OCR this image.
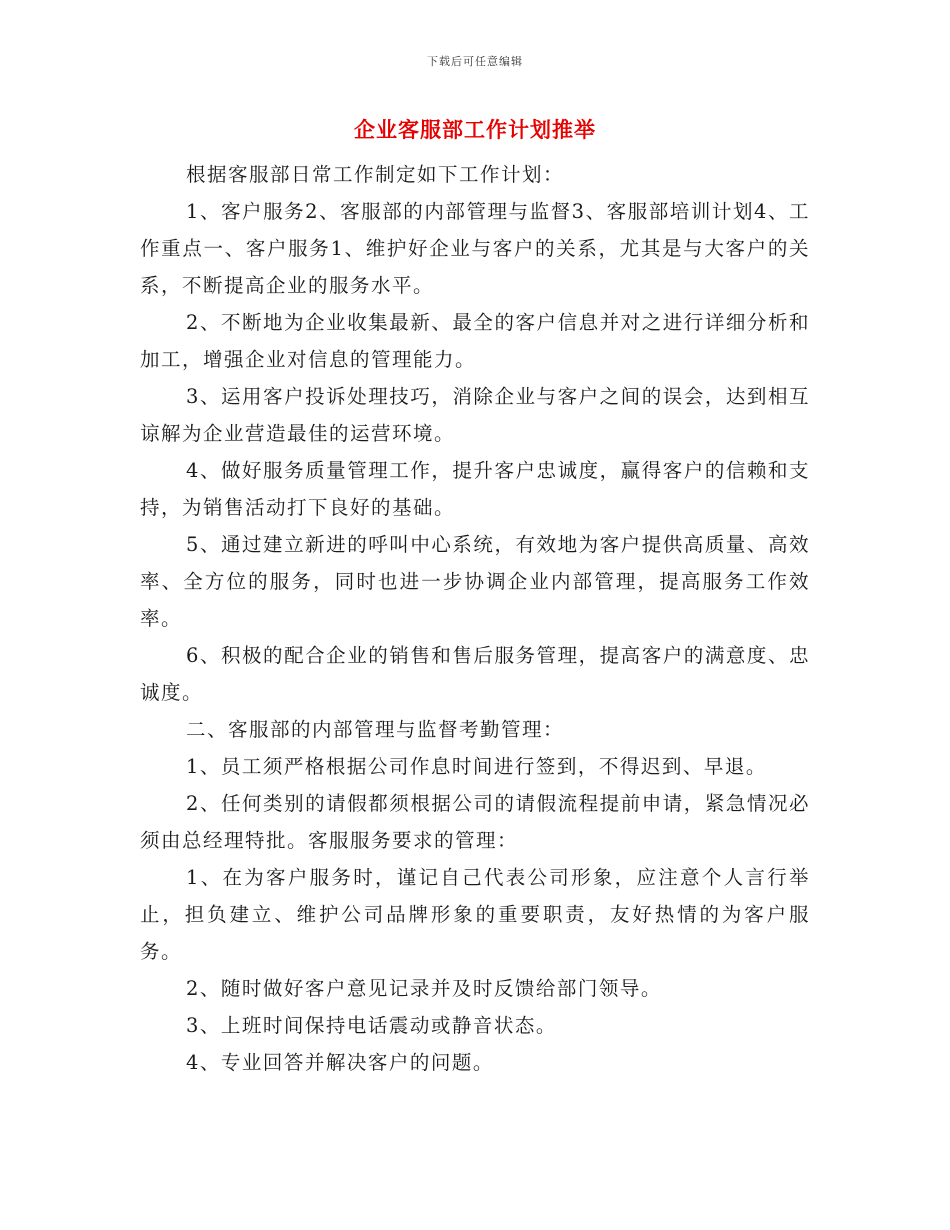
下载后可任意编辑
企业客服部工作计划推举

根据客服部日常工作制定如下工作计划：

1、客户服务2、客服部的内部管理与监督3、客服部培训计划4、工作重点一、客户服务1、维护好企业与客户的关系，尤其是与大客户的关系，不断提高企业的服务水平。

2、不断地为企业收集最新、最全的客户信息并对之进行详细分析和加工，增强企业对信息的管理能力。

3、运用客户投诉处理技巧，消除企业与客户之间的误会，达到相互谅解为企业营造最佳的运营环境。

4、做好服务质量管理工作，提升客户忠诚度，赢得客户的信赖和支持，为销售活动打下良好的基础。

5、通过建立新进的呼叫中心系统，有效地为客户提供高质量、高效率、全方位的服务，同时也进一步协调企业内部管理，提高服务工作效率。

6、积极的配合企业的销售和售后服务管理，提高客户的满意度、忠诚度。

二、客服部的内部管理与监督考勤管理：

1、员工须严格根据公司作息时间进行签到，不得迟到、早退。

2、任何类别的请假都须根据公司的请假流程提前申请，紧急情况必须由总经理特批。客服服务要求的管理：

1、在为客户服务时，谨记自己代表公司形象，应注意个人言行举止，担负建立、维护公司品牌形象的重要职责，友好热情的为客户服务。

2、随时做好客户意见记录并及时反馈给部门领导。

3、上班时间保持电话震动或静音状态。

4、专业回答并解决客户的问题。
